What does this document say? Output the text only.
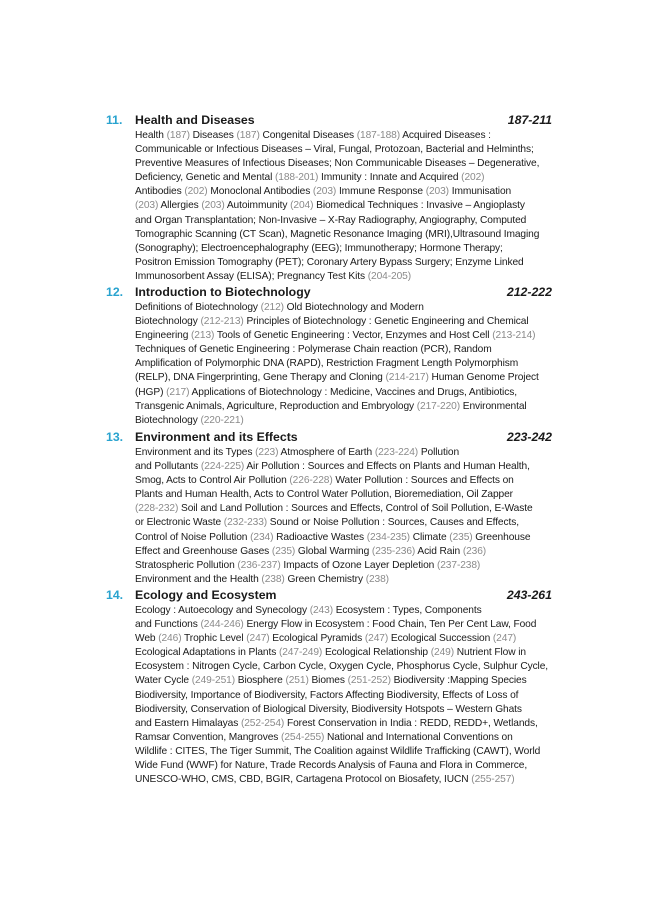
11. Health and Diseases	187-211
Health (187) Diseases (187) Congenital Diseases (187-188) Acquired Diseases :
Communicable or Infectious Diseases – Viral, Fungal, Protozoan, Bacterial and Helminths;
Preventive Measures of Infectious Diseases; Non Communicable Diseases – Degenerative,
Deficiency, Genetic and Mental (188-201) Immunity : Innate and Acquired (202)
Antibodies (202) Monoclonal Antibodies (203) Immune Response (203) Immunisation
(203) Allergies (203) Autoimmunity (204) Biomedical Techniques : Invasive – Angioplasty
and Organ Transplantation; Non-Invasive – X-Ray Radiography, Angiography, Computed
Tomographic Scanning (CT Scan), Magnetic Resonance Imaging (MRI),Ultrasound Imaging
(Sonography); Electroencephalography (EEG); Immunotherapy; Hormone Therapy;
Positron Emission Tomography (PET); Coronary Artery Bypass Surgery; Enzyme Linked
Immunosorbent Assay (ELISA); Pregnancy Test Kits (204-205)
12. Introduction to Biotechnology	212-222
Definitions of Biotechnology (212) Old Biotechnology and Modern
Biotechnology (212-213) Principles of Biotechnology : Genetic Engineering and Chemical
Engineering (213) Tools of Genetic Engineering : Vector, Enzymes and Host Cell (213-214)
Techniques of Genetic Engineering : Polymerase Chain reaction (PCR), Random
Amplification of Polymorphic DNA (RAPD), Restriction Fragment Length Polymorphism
(RELP), DNA Fingerprinting, Gene Therapy and Cloning (214-217) Human Genome Project
(HGP) (217) Applications of Biotechnology : Medicine, Vaccines and Drugs, Antibiotics,
Transgenic Animals, Agriculture, Reproduction and Embryology (217-220) Environmental
Biotechnology (220-221)
13. Environment and its Effects	223-242
Environment and its Types (223) Atmosphere of Earth (223-224) Pollution
and Pollutants (224-225) Air Pollution : Sources and Effects on Plants and Human Health,
Smog, Acts to Control Air Pollution (226-228) Water Pollution : Sources and Effects on
Plants and Human Health, Acts to Control Water Pollution, Bioremediation, Oil Zapper
(228-232) Soil and Land Pollution : Sources and Effects, Control of Soil Pollution, E-Waste
or Electronic Waste (232-233) Sound or Noise Pollution : Sources, Causes and Effects,
Control of Noise Pollution (234) Radioactive Wastes (234-235) Climate (235) Greenhouse
Effect and Greenhouse Gases (235) Global Warming (235-236) Acid Rain (236)
Stratospheric Pollution (236-237) Impacts of Ozone Layer Depletion (237-238)
Environment and the Health (238) Green Chemistry (238)
14. Ecology and Ecosystem	243-261
Ecology : Autoecology and Synecology (243) Ecosystem : Types, Components
and Functions (244-246) Energy Flow in Ecosystem : Food Chain, Ten Per Cent Law, Food
Web (246) Trophic Level (247) Ecological Pyramids (247) Ecological Succession (247)
Ecological Adaptations in Plants (247-249) Ecological Relationship (249) Nutrient Flow in
Ecosystem : Nitrogen Cycle, Carbon Cycle, Oxygen Cycle, Phosphorus Cycle, Sulphur Cycle,
Water Cycle (249-251) Biosphere (251) Biomes (251-252) Biodiversity :Mapping Species
Biodiversity, Importance of Biodiversity, Factors Affecting Biodiversity, Effects of Loss of
Biodiversity, Conservation of Biological Diversity, Biodiversity Hotspots – Western Ghats
and Eastern Himalayas (252-254) Forest Conservation in India : REDD, REDD+, Wetlands,
Ramsar Convention, Mangroves (254-255) National and International Conventions on
Wildlife : CITES, The Tiger Summit, The Coalition against Wildlife Trafficking (CAWT), World
Wide Fund (WWF) for Nature, Trade Records Analysis of Fauna and Flora in Commerce,
UNESCO-WHO, CMS, CBD, BGIR, Cartagena Protocol on Biosafety, IUCN (255-257)
